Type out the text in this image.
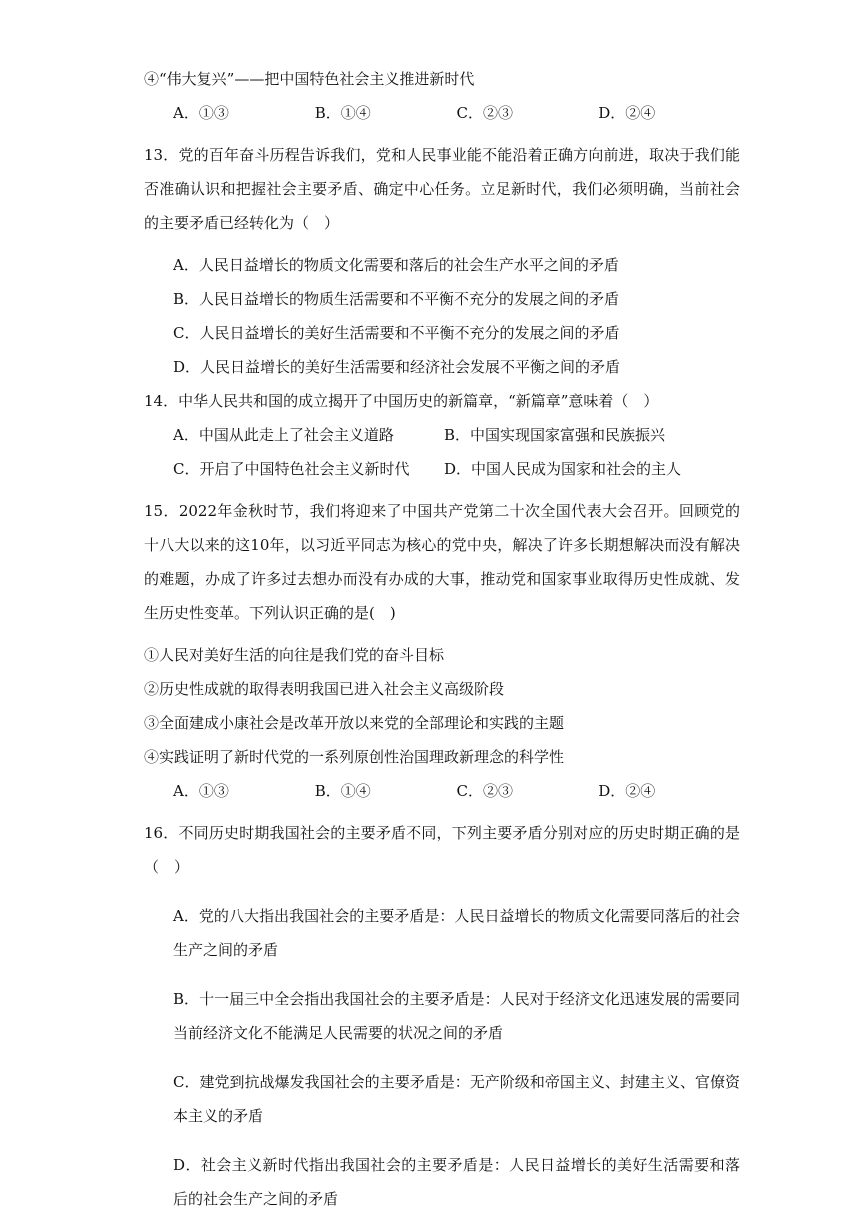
④“伟大复兴”——把中国特色社会主义推进新时代

A．①③	B．①④	C．②③	D．②④

13．党的百年奋斗历程告诉我们，党和人民事业能不能沿着正确方向前进，取决于我们能否准确认识和把握社会主要矛盾、确定中心任务。立足新时代，我们必须明确，当前社会的主要矛盾已经转化为（　）

A．人民日益增长的物质文化需要和落后的社会生产水平之间的矛盾

B．人民日益增长的物质生活需要和不平衡不充分的发展之间的矛盾

C．人民日益增长的美好生活需要和不平衡不充分的发展之间的矛盾

D．人民日益增长的美好生活需要和经济社会发展不平衡之间的矛盾

14．中华人民共和国的成立揭开了中国历史的新篇章，“新篇章”意味着（　）

A．中国从此走上了社会主义道路	B．中国实现国家富强和民族振兴
C．开启了中国特色社会主义新时代	D．中国人民成为国家和社会的主人

15．2022年金秋时节，我们将迎来了中国共产党第二十次全国代表大会召开。回顾党的十八大以来的这10年，以习近平同志为核心的党中央，解决了许多长期想解决而没有解决的难题，办成了许多过去想办而没有办成的大事，推动党和国家事业取得历史性成就、发生历史性变革。下列认识正确的是(　)

①人民对美好生活的向往是我们党的奋斗目标

②历史性成就的取得表明我国已进入社会主义高级阶段

③全面建成小康社会是改革开放以来党的全部理论和实践的主题

④实践证明了新时代党的一系列原创性治国理政新理念的科学性

A．①③	B．①④	C．②③	D．②④

16．不同历史时期我国社会的主要矛盾不同，下列主要矛盾分别对应的历史时期正确的是（　）

A．党的八大指出我国社会的主要矛盾是：人民日益增长的物质文化需要同落后的社会生产之间的矛盾

B．十一届三中全会指出我国社会的主要矛盾是：人民对于经济文化迅速发展的需要同当前经济文化不能满足人民需要的状况之间的矛盾

C．建党到抗战爆发我国社会的主要矛盾是：无产阶级和帝国主义、封建主义、官僚资本主义的矛盾

D．社会主义新时代指出我国社会的主要矛盾是：人民日益增长的美好生活需要和落后的社会生产之间的矛盾
